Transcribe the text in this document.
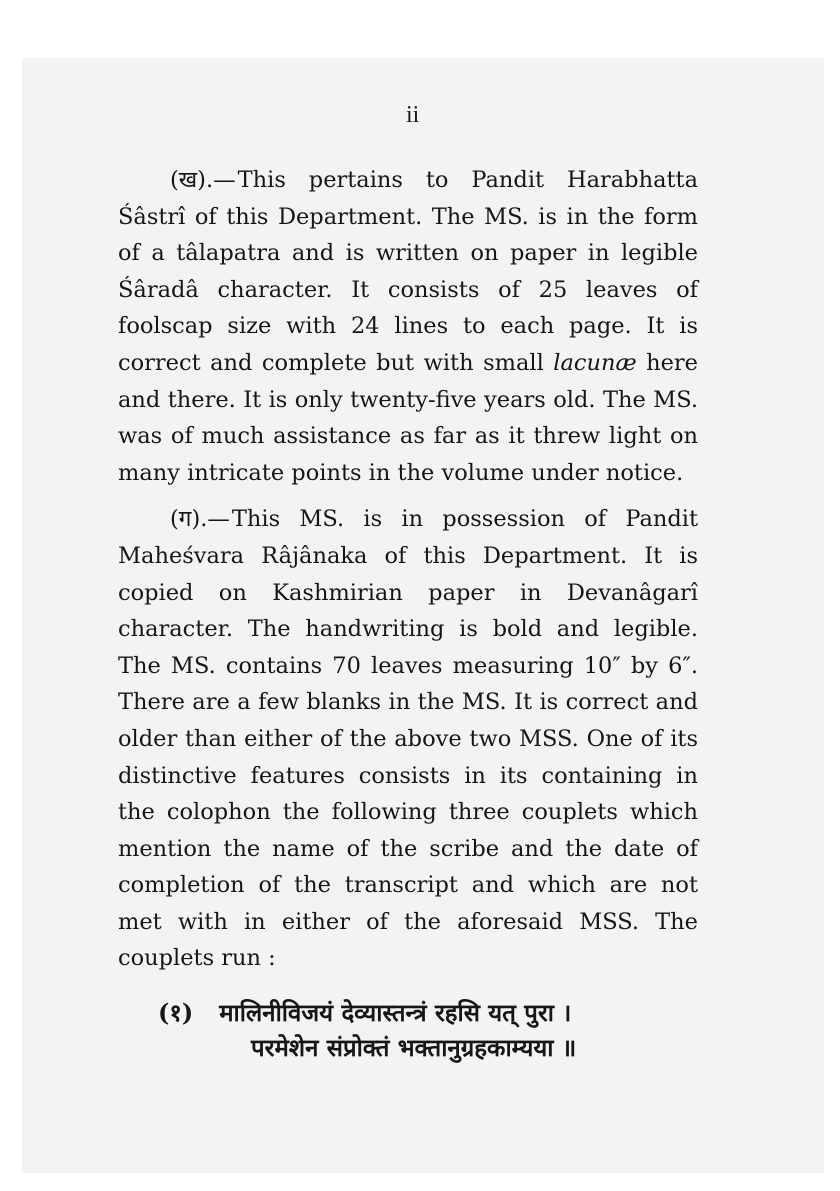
ii

(ख).—This pertains to Pandit Harabhatta Śâstrî of this Department. The MS. is in the form of a tâlapatra and is written on paper in legible Śâradâ character. It consists of 25 leaves of foolscap size with 24 lines to each page. It is correct and complete but with small lacunæ here and there. It is only twenty-five years old. The MS. was of much assistance as far as it threw light on many intricate points in the volume under notice.

(ग).—This MS. is in possession of Pandit Maheśvara Râjânaka of this Department. It is copied on Kashmirian paper in Devanâgarî character. The handwriting is bold and legible. The MS. contains 70 leaves measuring 10″ by 6″. There are a few blanks in the MS. It is correct and older than either of the above two MSS. One of its distinctive features consists in its containing in the colophon the following three couplets which mention the name of the scribe and the date of completion of the transcript and which are not met with in either of the aforesaid MSS. The couplets run :

(१) मालिनीविजयं देव्यास्तन्त्रं रहसि यत् पुरा ।
परमेशेन संप्रोक्तं भक्तानुग्रहकाम्यया ॥
